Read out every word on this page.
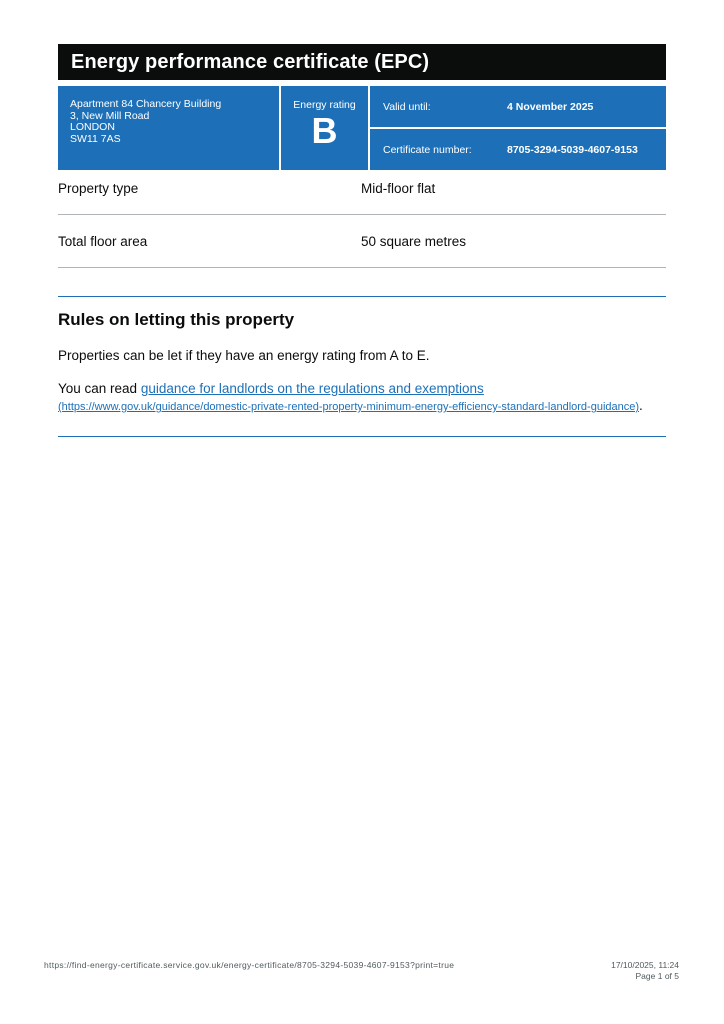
Energy performance certificate (EPC)
Apartment 84 Chancery Building
3, New Mill Road
LONDON
SW11 7AS
Energy rating
B
Valid until:	4 November 2025
Certificate number:	8705-3294-5039-4607-9153
Property type	Mid-floor flat
Total floor area	50 square metres
Rules on letting this property

Properties can be let if they have an energy rating from A to E.

You can read guidance for landlords on the regulations and exemptions
(https://www.gov.uk/guidance/domestic-private-rented-property-minimum-energy-efficiency-standard-landlord-guidance).

https://find-energy-certificate.service.gov.uk/energy-certificate/8705-3294-5039-4607-9153?print=true	17/10/2025, 11:24
Page 1 of 5
